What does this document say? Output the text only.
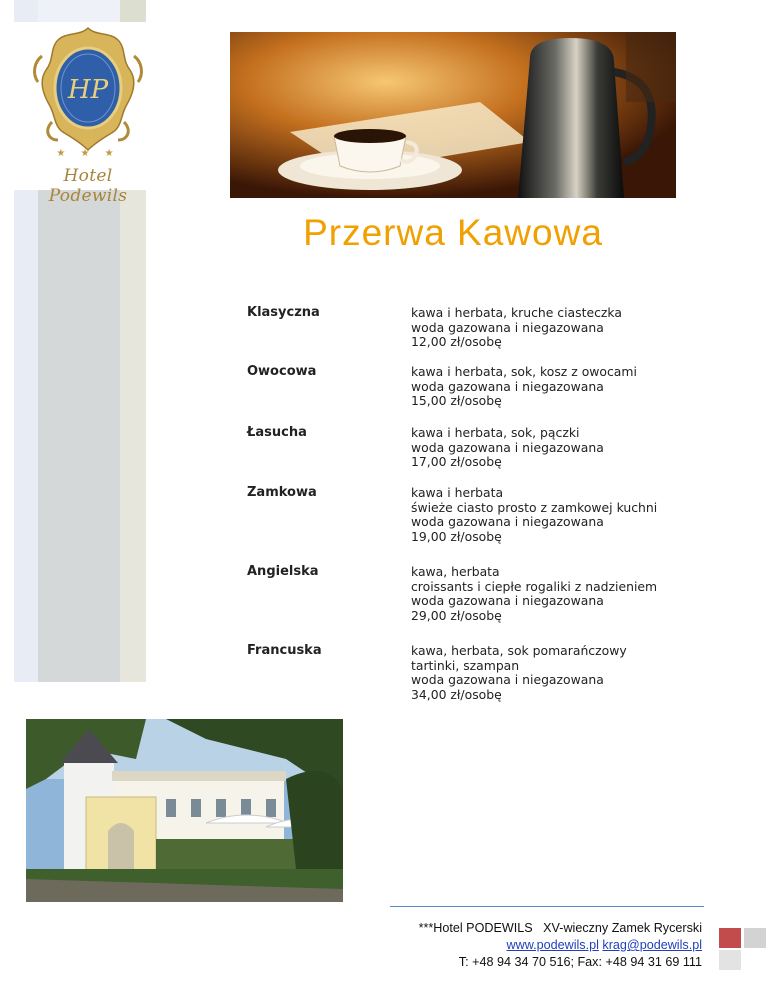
HP
★ ★ ★
Hotel Podewils
Przerwa Kawowa
Klasyczna	kawa i herbata, kruche ciasteczka
woda gazowana i niegazowana
12,00 zł/osobę
Owocowa	kawa i herbata, sok, kosz z owocami
woda gazowana i niegazowana
15,00 zł/osobę
Łasucha	kawa i herbata, sok, pączki
woda gazowana i niegazowana
17,00 zł/osobę
Zamkowa	kawa i herbata
świeże ciasto prosto z zamkowej kuchni
woda gazowana i niegazowana
19,00 zł/osobę
Angielska	kawa, herbata
croissants i ciepłe rogaliki z nadzieniem
woda gazowana i niegazowana
29,00 zł/osobę
Francuska	kawa, herbata, sok pomarańczowy
tartinki, szampan
woda gazowana i niegazowana
34,00 zł/osobę
***Hotel PODEWILS   XV-wieczny Zamek Rycerski
www.podewils.pl krag@podewils.pl
T: +48 94 34 70 516; Fax: +48 94 31 69 111
